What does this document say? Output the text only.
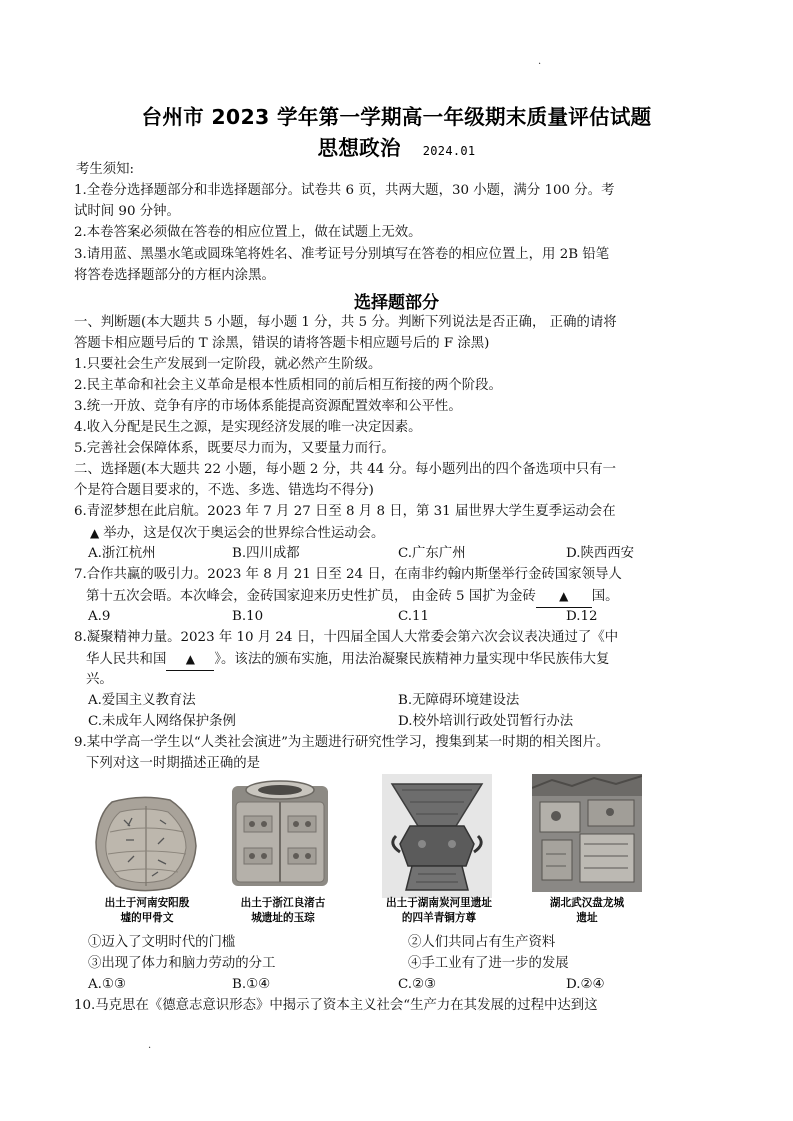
.
台州市 2023 学年第一学期高一年级期末质量评估试题
思想政治 2024.01
考生须知:
1.全卷分选择题部分和非选择题部分。试卷共 6 页，共两大题，30 小题，满分 100 分。考
试时间 90 分钟。
2.本卷答案必须做在答卷的相应位置上，做在试题上无效。
3.请用蓝、黑墨水笔或圆珠笔将姓名、准考证号分别填写在答卷的相应位置上，用 2B 铅笔
将答卷选择题部分的方框内涂黑。
选择题部分
一、判断题(本大题共 5 小题，每小题 1 分，共 5 分。判断下列说法是否正确， 正确的请将
答题卡相应题号后的 T 涂黑，错误的请将答题卡相应题号后的 F 涂黑)
1.只要社会生产发展到一定阶段，就必然产生阶级。
2.民主革命和社会主义革命是根本性质相同的前后相互衔接的两个阶段。
3.统一开放、竞争有序的市场体系能提高资源配置效率和公平性。
4.收入分配是民生之源，是实现经济发展的唯一决定因素。
5.完善社会保障体系，既要尽力而为，又要量力而行。
二、选择题(本大题共 22 小题，每小题 2 分，共 44 分。每小题列出的四个备选项中只有一
个是符合题目要求的，不选、多选、错选均不得分)
6.青涩梦想在此启航。2023 年 7 月 27 日至 8 月 8 日，第 31 届世界大学生夏季运动会在
▲ 举办，这是仅次于奥运会的世界综合性运动会。
A.浙江杭州	B.四川成都	C.广东广州	D.陕西西安
7.合作共赢的吸引力。2023 年 8 月 21 日至 24 日，在南非约翰内斯堡举行金砖国家领导人
第十五次会晤。本次峰会，金砖国家迎来历史性扩员， 由金砖 5 国扩为金砖 ▲ 国。
A.9	B.10	C.11	D.12
8.凝聚精神力量。2023 年 10 月 24 日，十四届全国人大常委会第六次会议表决通过了《中
华人民共和国 ▲ 》。该法的颁布实施，用法治凝聚民族精神力量实现中华民族伟大复
兴。
A.爱国主义教育法	B.无障碍环境建设法
C.未成年人网络保护条例	D.校外培训行政处罚暂行办法
9.某中学高一学生以“人类社会演进”为主题进行研究性学习，搜集到某一时期的相关图片。
下列对这一时期描述正确的是
出土于河南安阳殷
墟的甲骨文
出土于浙江良渚古
城遗址的玉琮
出土于湖南炭河里遗址
的四羊青铜方尊
湖北武汉盘龙城
遗址
①迈入了文明时代的门槛	②人们共同占有生产资料
③出现了体力和脑力劳动的分工	④手工业有了进一步的发展
A.①③	B.①④	C.②③	D.②④
10.马克思在《德意志意识形态》中揭示了资本主义社会“生产力在其发展的过程中达到这
.
